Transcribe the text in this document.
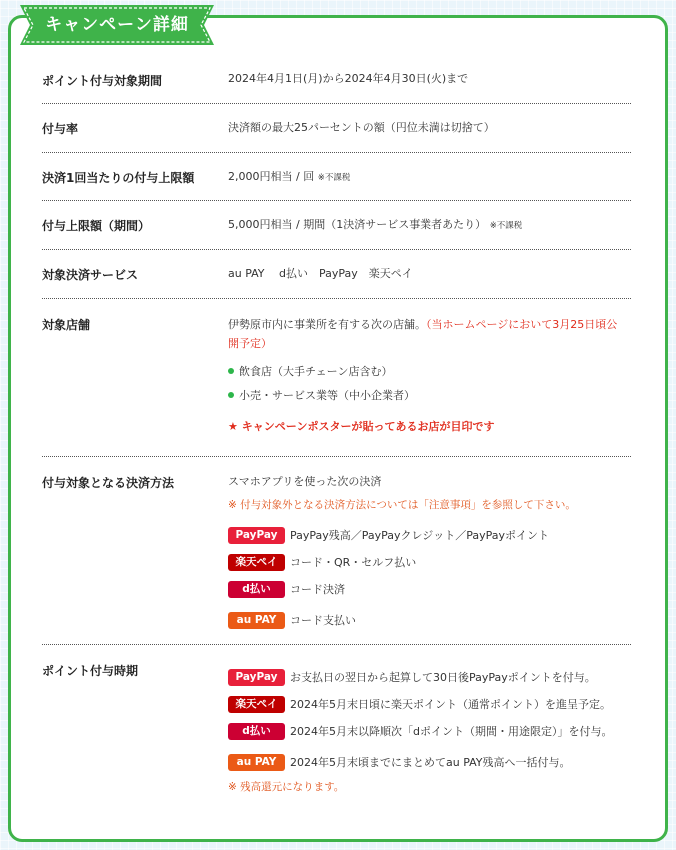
キャンペーン詳細
ポイント付与対象期間	2024年4月1日(月)から2024年4月30日(火)まで
付与率	決済額の最大25パーセントの額（円位未満は切捨て）
決済1回当たりの付与上限額	2,000円相当 / 回 ※不課税
付与上限額（期間）	5,000円相当 / 期間（1決済サービス事業者あたり） ※不課税
対象決済サービス	au PAY　 d払い　PayPay　楽天ペイ
対象店舗	伊勢原市内に事業所を有する次の店舗。（当ホームページにおいて3月25日頃公
開予定）
飲食店（大手チェーン店含む）
小売・サービス業等（中小企業者）
★ キャンペーンポスターが貼ってあるお店が目印です
付与対象となる決済方法	スマホアプリを使った次の決済
※ 付与対象外となる決済方法については「注意事項」を参照して下さい。
PayPay	PayPay残高／PayPayクレジット／PayPayポイント
楽天ペイ	コード・QR・セルフ払い
d払い	コード決済
au PAY	コード支払い
ポイント付与時期	PayPay	お支払日の翌日から起算して30日後PayPayポイントを付与。
楽天ペイ	2024年5月末日頃に楽天ポイント（通常ポイント）を進呈予定。
d払い	2024年5月末以降順次「dポイント（期間・用途限定）」を付与。
au PAY	2024年5月末頃までにまとめてau PAY残高へ一括付与。
※ 残高還元になります。
